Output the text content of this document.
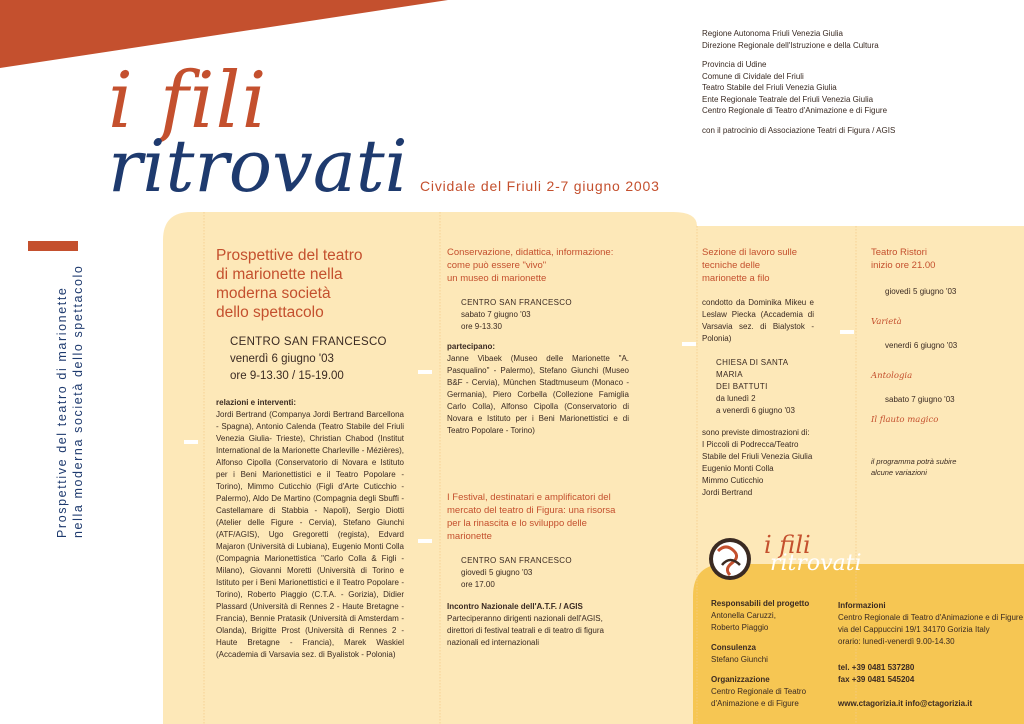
i fili
ritrovati Cividale del Friuli 2-7 giugno 2003
Regione Autonoma Friuli Venezia Giulia
Direzione Regionale dell'Istruzione e della Cultura
Provincia di Udine
Comune di Cividale del Friuli
Teatro Stabile del Friuli Venezia Giulia
Ente Regionale Teatrale del Friuli Venezia Giulia
Centro Regionale di Teatro d'Animazione e di Figure
con il patrocinio di Associazione Teatri di Figura / AGIS
Prospettive del teatro di marionette nella moderna società dello spettacolo
Prospettive del teatro
di marionette nella
moderna società
dello spettacolo
CENTRO SAN FRANCESCO
venerdì 6 giugno '03
ore 9-13.30 / 15-19.00
relazioni e interventi:
Jordi Bertrand (Companya Jordi Bertrand Barcellona - Spagna), Antonio Calenda (Teatro Stabile del Friuli Venezia Giulia- Trieste), Christian Chabod (Institut International de la Marionette Charleville - Mézières), Alfonso Cipolla (Conservatorio di Novara e Istituto per i Beni Marionettistici e il Teatro Popolare - Torino), Mimmo Cuticchio (Figli d'Arte Cuticchio - Palermo), Aldo De Martino (Compagnia degli Sbuffi - Castellamare di Stabbia - Napoli), Sergio Diotti (Atelier delle Figure - Cervia), Stefano Giunchi (ATF/AGIS), Ugo Gregoretti (regista), Edvard Majaron (Università di Lubiana), Eugenio Monti Colla (Compagnia Marionettistica "Carlo Colla & Figli - Milano), Giovanni Moretti (Università di Torino e Istituto per i Beni Marionettistici e il Teatro Popolare - Torino), Roberto Piaggio (C.T.A. - Gorizia), Didier Plassard (Università di Rennes 2 - Haute Bretagne - Francia), Bennie Pratasik (Università di Amsterdam - Olanda), Brigitte Prost (Università di Rennes 2 - Haute Bretagne - Francia), Marek Waskiel (Accademia di Varsavia sez. di Byalistok - Polonia)
Conservazione, didattica, informazione:
come può essere "vivo"
un museo di marionette
CENTRO SAN FRANCESCO
sabato 7 giugno '03
ore 9-13.30
partecipano:
Janne Vibaek (Museo delle Marionette "A. Pasqualino" - Palermo), Stefano Giunchi (Museo B&F - Cervia), München Stadtmuseum (Monaco - Germania), Piero Corbella (Collezione Famiglia Carlo Colla), Alfonso Cipolla (Conservatorio di Novara e Istituto per i Beni Marionettistici e di Teatro Popolare - Torino)
I Festival, destinatari e amplificatori del
mercato del teatro di Figura: una risorsa
per la rinascita e lo sviluppo delle
marionette
CENTRO SAN FRANCESCO
giovedì 5 giugno '03
ore 17.00
Incontro Nazionale dell'A.T.F. / AGIS
Parteciperanno dirigenti nazionali dell'AGIS, direttori di festival teatrali e di teatro di figura nazionali ed internazionali
Sezione di lavoro sulle
tecniche delle
marionette a filo
condotto da Dominika Mikeu e Leslaw Piecka (Accademia di Varsavia sez. di Bialystok - Polonia)
CHIESA DI SANTA MARIA
DEI BATTUTI
da lunedì 2
a venerdì 6 giugno '03
sono previste dimostrazioni di:
I Piccoli di Podrecca/Teatro
Stabile del Friuli Venezia Giulia
Eugenio Monti Colla
Mimmo Cuticchio
Jordi Bertrand
Teatro Ristori
inizio ore 21.00
giovedì 5 giugno '03
Varietà
venerdì 6 giugno '03
Antologia
sabato 7 giugno '03
Il flauto magico
il programma potrà subire
alcune variazioni
i fili
ritrovati
Responsabili del progetto
Antonella Caruzzi,
Roberto Piaggio
Consulenza
Stefano Giunchi
Organizzazione
Centro Regionale di Teatro
d'Animazione e di Figure
Informazioni
Centro Regionale di Teatro d'Animazione e di Figure
via del Cappuccini 19/1 34170 Gorizia Italy
orario: lunedì-venerdì 9.00-14.30
tel. +39 0481 537280
fax +39 0481 545204
www.ctagorizia.it info@ctagorizia.it
